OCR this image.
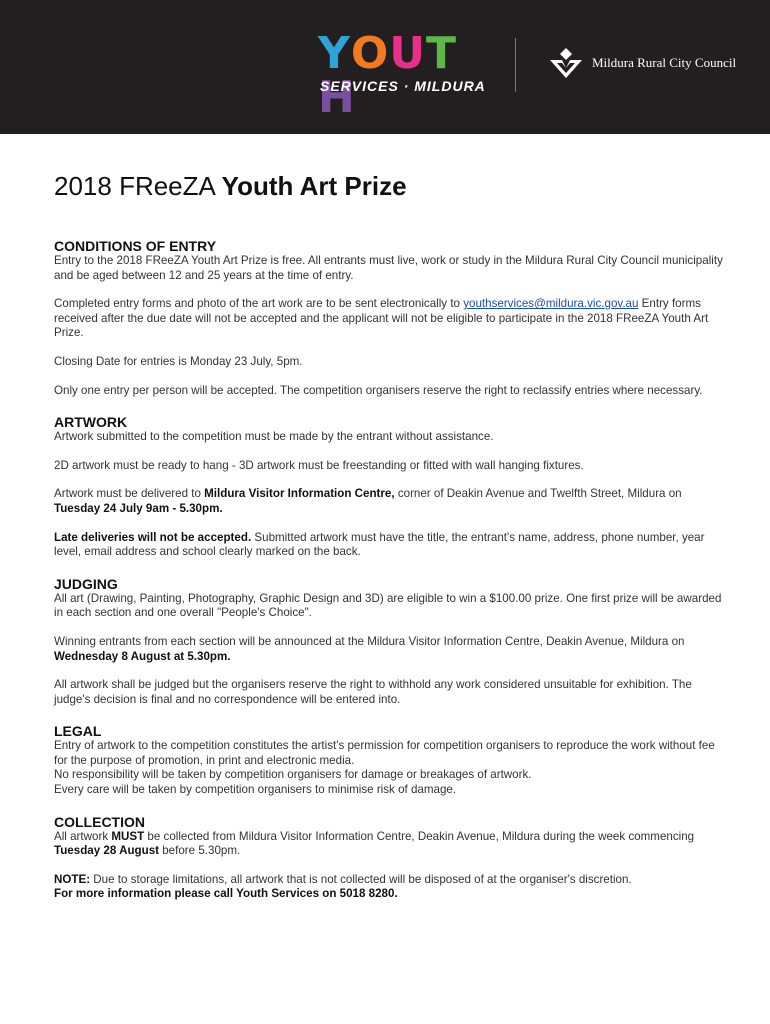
YOUTH
SERVICES · MILDURA
Mildura Rural City Council
2018 FReeZA Youth Art Prize
CONDITIONS OF ENTRY

Entry to the 2018 FReeZA Youth Art Prize is free. All entrants must live, work or study in the Mildura Rural City Council municipality and be aged between 12 and 25 years at the time of entry.

Completed entry forms and photo of the art work are to be sent electronically to youthservices@mildura.vic.gov.au Entry forms received after the due date will not be accepted and the applicant will not be eligible to participate in the 2018 FReeZA Youth Art Prize.

Closing Date for entries is Monday 23 July, 5pm.

Only one entry per person will be accepted. The competition organisers reserve the right to reclassify entries where necessary.

ARTWORK

Artwork submitted to the competition must be made by the entrant without assistance.

2D artwork must be ready to hang - 3D artwork must be freestanding or fitted with wall hanging fixtures.

Artwork must be delivered to Mildura Visitor Information Centre, corner of Deakin Avenue and Twelfth Street, Mildura on Tuesday 24 July 9am - 5.30pm.

Late deliveries will not be accepted. Submitted artwork must have the title, the entrant's name, address, phone number, year level, email address and school clearly marked on the back.

JUDGING

All art (Drawing, Painting, Photography, Graphic Design and 3D) are eligible to win a $100.00 prize. One first prize will be awarded in each section and one overall "People's Choice".

Winning entrants from each section will be announced at the Mildura Visitor Information Centre, Deakin Avenue, Mildura on Wednesday 8 August at 5.30pm.

All artwork shall be judged but the organisers reserve the right to withhold any work considered unsuitable for exhibition. The judge's decision is final and no correspondence will be entered into.

LEGAL

Entry of artwork to the competition constitutes the artist's permission for competition organisers to reproduce the work without fee for the purpose of promotion, in print and electronic media.

No responsibility will be taken by competition organisers for damage or breakages of artwork.

Every care will be taken by competition organisers to minimise risk of damage.

COLLECTION

All artwork MUST be collected from Mildura Visitor Information Centre, Deakin Avenue, Mildura during the week commencing Tuesday 28 August before 5.30pm.

NOTE: Due to storage limitations, all artwork that is not collected will be disposed of at the organiser's discretion.

For more information please call Youth Services on 5018 8280.
